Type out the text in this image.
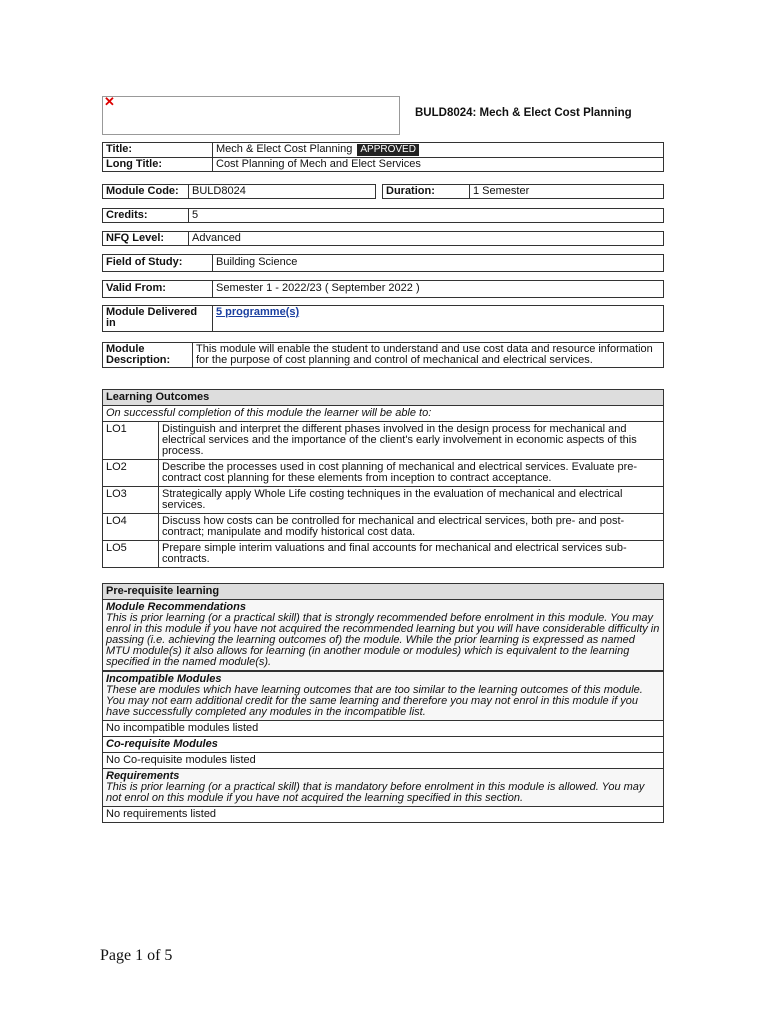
✕
BULD8024: Mech & Elect Cost Planning
Title:	Mech & Elect Cost Planning APPROVED
Long Title:	Cost Planning of Mech and Elect Services
Module Code:	BULD8024	Duration:	1 Semester
Credits:	5
NFQ Level:	Advanced
Field of Study:	Building Science
Valid From:	Semester 1 - 2022/23 ( September 2022 )
Module Delivered in	5 programme(s)
Module Description:	This module will enable the student to understand and use cost data and resource information for the purpose of cost planning and control of mechanical and electrical services.
Learning Outcomes
On successful completion of this module the learner will be able to:
LO1	Distinguish and interpret the different phases involved in the design process for mechanical and electrical services and the importance of the client's early involvement in economic aspects of this process.
LO2	Describe the processes used in cost planning of mechanical and electrical services. Evaluate pre-contract cost planning for these elements from inception to contract acceptance.
LO3	Strategically apply Whole Life costing techniques in the evaluation of mechanical and electrical services.
LO4	Discuss how costs can be controlled for mechanical and electrical services, both pre- and post-contract; manipulate and modify historical cost data.
LO5	Prepare simple interim valuations and final accounts for mechanical and electrical services sub-contracts.
Pre-requisite learning
Module Recommendations
This is prior learning (or a practical skill) that is strongly recommended before enrolment in this module. You may enrol in this module if you have not acquired the recommended learning but you will have considerable difficulty in passing (i.e. achieving the learning outcomes of) the module. While the prior learning is expressed as named MTU module(s) it also allows for learning (in another module or modules) which is equivalent to the learning specified in the named module(s).
Incompatible Modules
These are modules which have learning outcomes that are too similar to the learning outcomes of this module. You may not earn additional credit for the same learning and therefore you may not enrol in this module if you have successfully completed any modules in the incompatible list.
No incompatible modules listed
Co-requisite Modules
No Co-requisite modules listed
Requirements
This is prior learning (or a practical skill) that is mandatory before enrolment in this module is allowed. You may not enrol on this module if you have not acquired the learning specified in this section.
No requirements listed
Page 1 of 5
